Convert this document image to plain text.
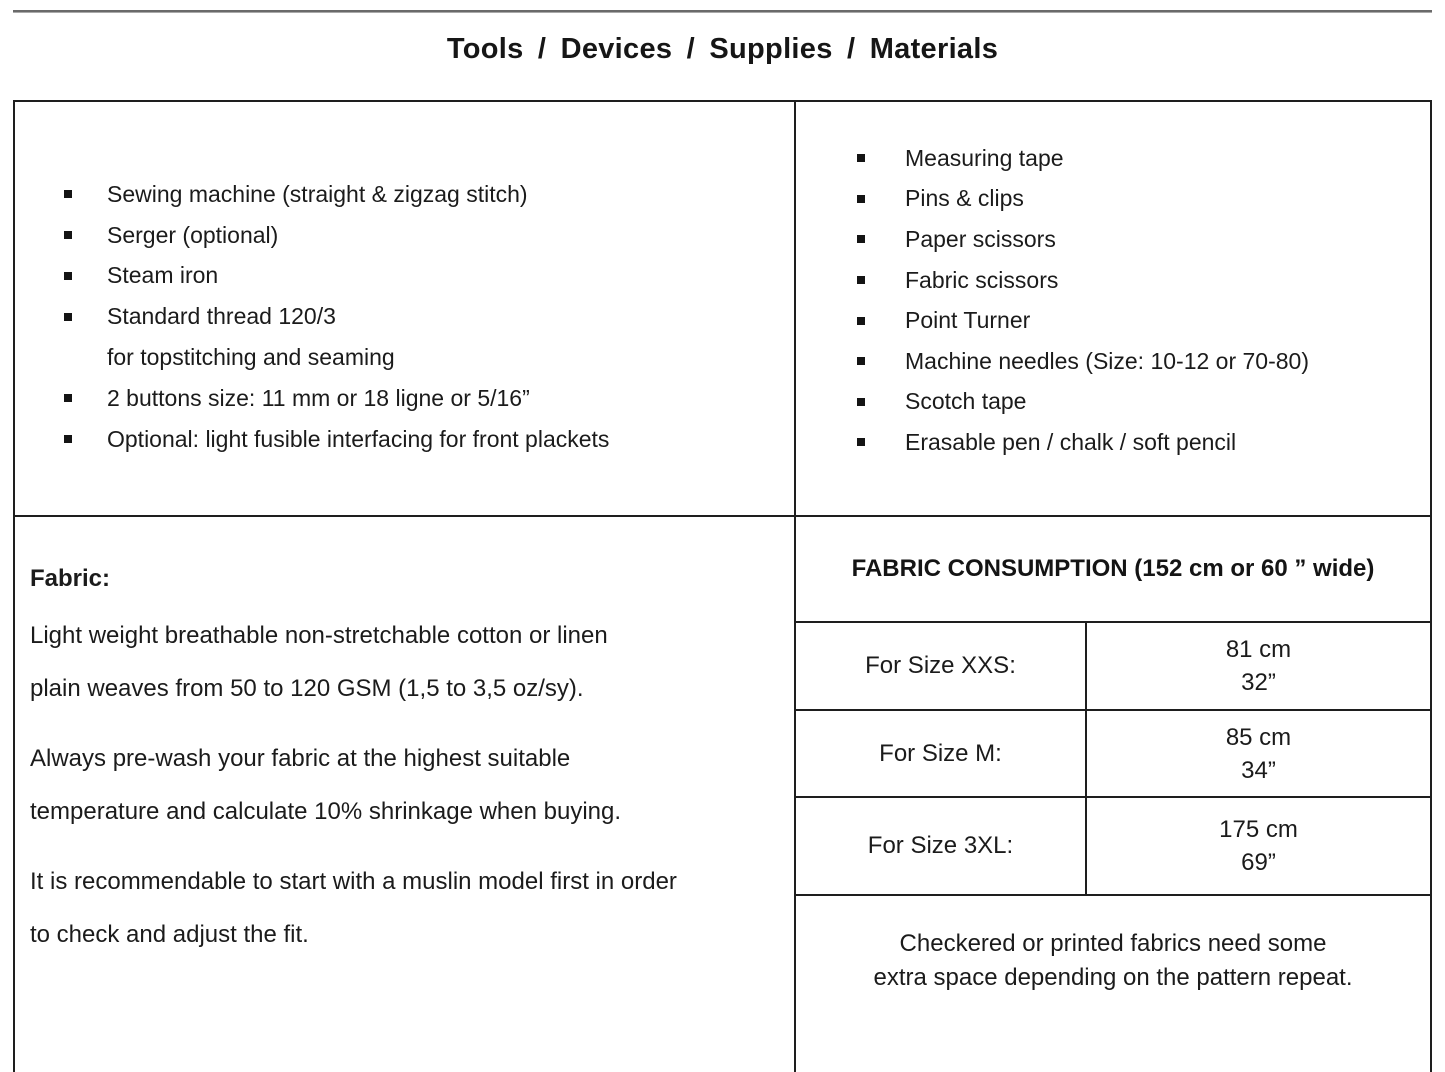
Tools / Devices / Supplies / Materials
Sewing machine (straight & zigzag stitch)
Serger (optional)
Steam iron
Standard thread 120/3
for topstitching and seaming
2 buttons size: 11 mm or 18 ligne or 5/16”
Optional: light fusible interfacing for front plackets
Measuring tape
Pins & clips
Paper scissors
Fabric scissors
Point Turner
Machine needles (Size: 10-12 or 70-80)
Scotch tape
Erasable pen / chalk / soft pencil
Fabric:

Light weight breathable non-stretchable cotton or linen
plain weaves from 50 to 120 GSM (1,5 to 3,5 oz/sy).

Always pre-wash your fabric at the highest suitable
temperature and calculate 10% shrinkage when buying.

It is recommendable to start with a muslin model first in order
to check and adjust the fit.

FABRIC CONSUMPTION (152 cm or 60 ” wide)
For Size XXS:
81 cm
32”
For Size M:
85 cm
34”
For Size 3XL:
175 cm
69”
Checkered or printed fabrics need some
extra space depending on the pattern repeat.
